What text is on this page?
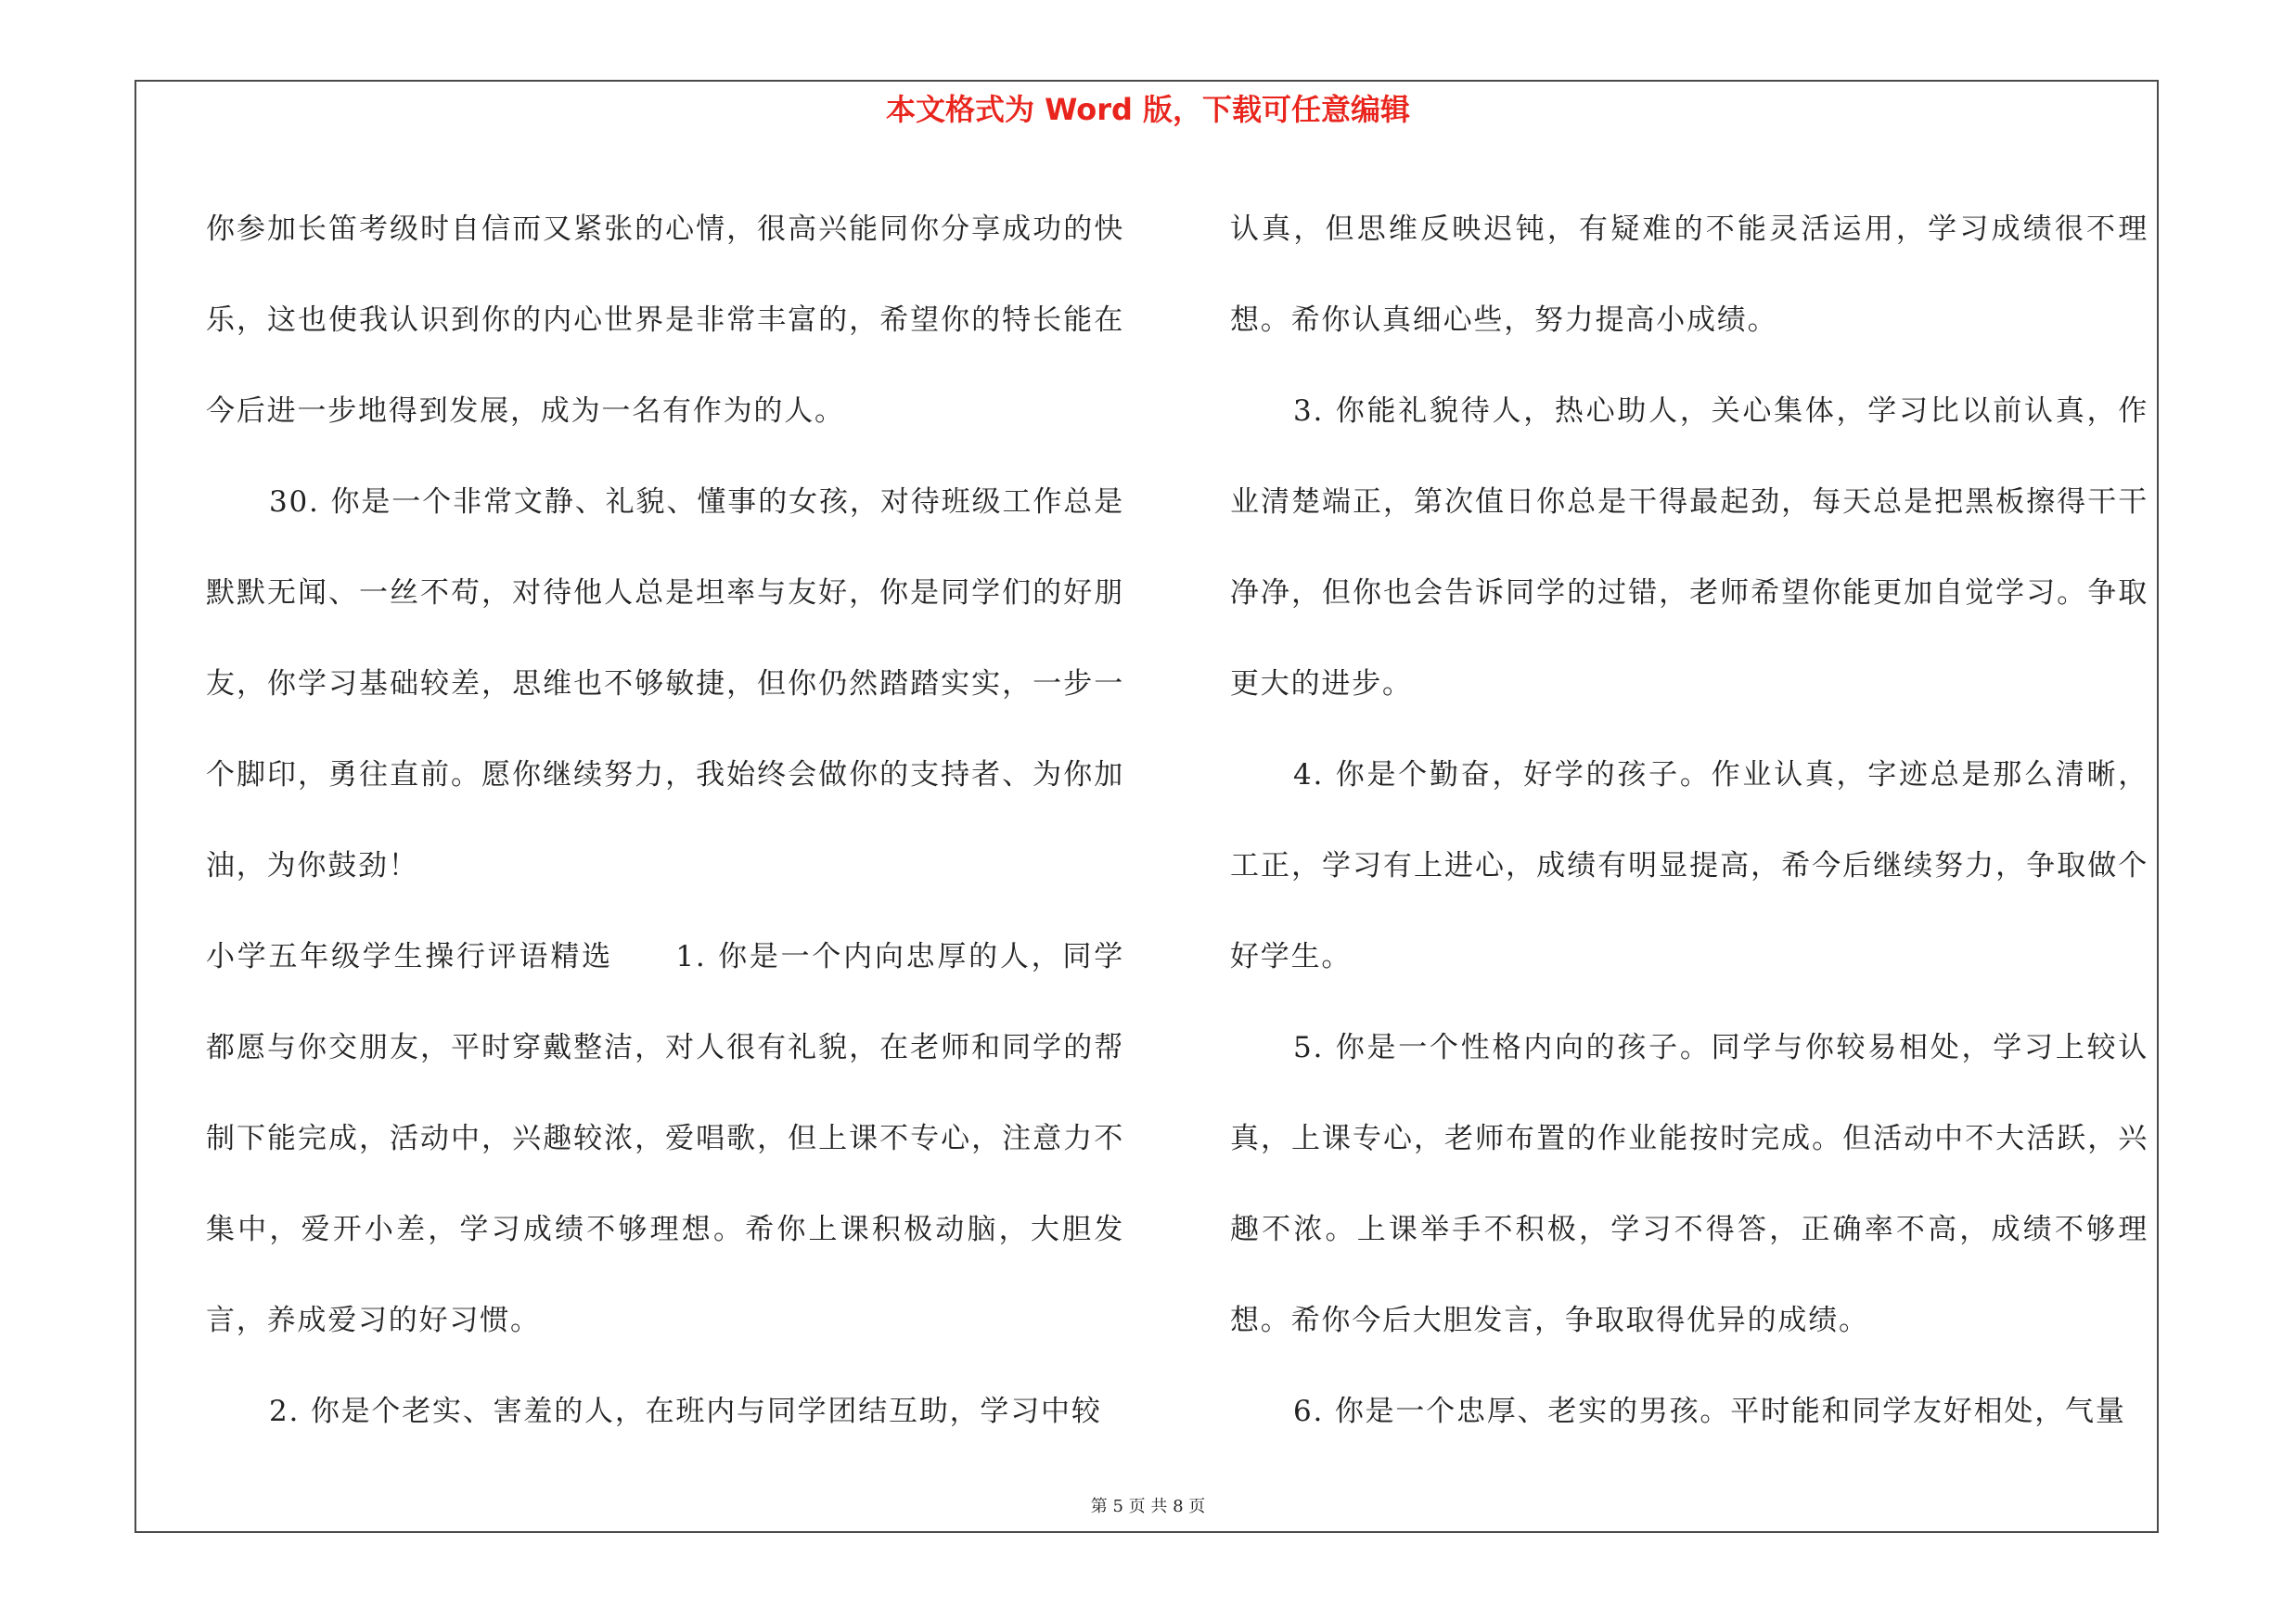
本文格式为 Word 版，下载可任意编辑

你参加长笛考级时自信而又紧张的心情，很高兴能同你分享成功的快乐，这也使我认识到你的内心世界是非常丰富的，希望你的特长能在今后进一步地得到发展，成为一名有作为的人。

30. 你是一个非常文静、礼貌、懂事的女孩，对待班级工作总是默默无闻、一丝不苟，对待他人总是坦率与友好，你是同学们的好朋友，你学习基础较差，思维也不够敏捷，但你仍然踏踏实实，一步一个脚印，勇往直前。愿你继续努力，我始终会做你的支持者、为你加油，为你鼓劲！

小学五年级学生操行评语精选　　1. 你是一个内向忠厚的人，同学都愿与你交朋友，平时穿戴整洁，对人很有礼貌，在老师和同学的帮制下能完成，活动中，兴趣较浓，爱唱歌，但上课不专心，注意力不集中，爱开小差，学习成绩不够理想。希你上课积极动脑，大胆发言，养成爱习的好习惯。

2. 你是个老实、害羞的人，在班内与同学团结互助，学习中较

认真，但思维反映迟钝，有疑难的不能灵活运用，学习成绩很不理想。希你认真细心些，努力提高小成绩。

3. 你能礼貌待人，热心助人，关心集体，学习比以前认真，作业清楚端正，第次值日你总是干得最起劲，每天总是把黑板擦得干干净净，但你也会告诉同学的过错，老师希望你能更加自觉学习。争取更大的进步。

4. 你是个勤奋，好学的孩子。作业认真，字迹总是那么清晰，工正，学习有上进心，成绩有明显提高，希今后继续努力，争取做个好学生。

5. 你是一个性格内向的孩子。同学与你较易相处，学习上较认真，上课专心，老师布置的作业能按时完成。但活动中不大活跃，兴趣不浓。上课举手不积极，学习不得答，正确率不高，成绩不够理想。希你今后大胆发言，争取取得优异的成绩。

6. 你是一个忠厚、老实的男孩。平时能和同学友好相处，气量

第 5 页 共 8 页
